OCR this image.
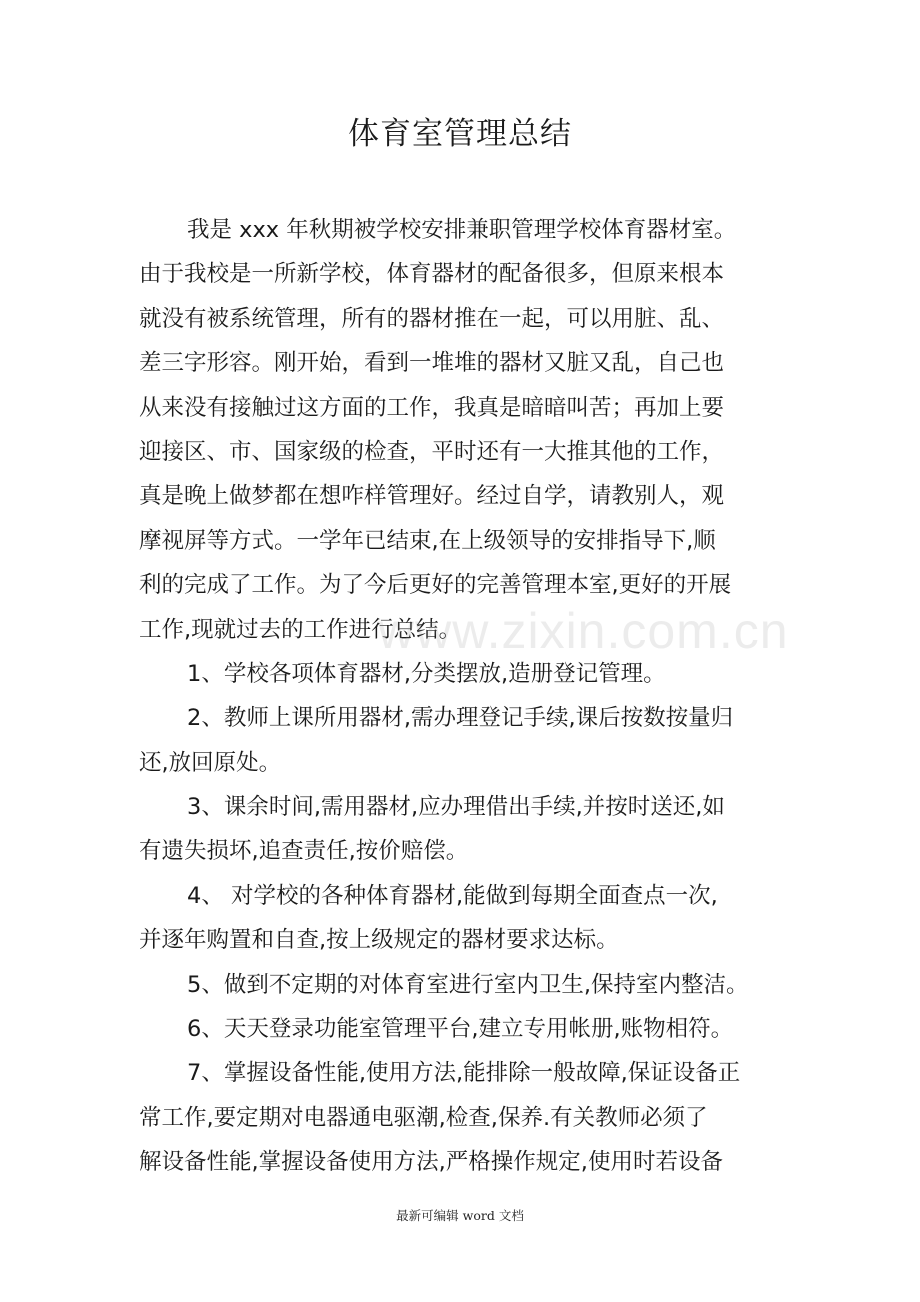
体育室管理总结
我是 xxx 年秋期被学校安排兼职管理学校体育器材室。
由于我校是一所新学校，体育器材的配备很多，但原来根本
就没有被系统管理，所有的器材推在一起，可以用脏、乱、
差三字形容。刚开始，看到一堆堆的器材又脏又乱，自己也
从来没有接触过这方面的工作，我真是暗暗叫苦；再加上要
迎接区、市、国家级的检查，平时还有一大推其他的工作，
真是晚上做梦都在想咋样管理好。经过自学，请教别人，观
摩视屏等方式。一学年已结束,在上级领导的安排指导下,顺
利的完成了工作。为了今后更好的完善管理本室,更好的开展
工作,现就过去的工作进行总结。
1、学校各项体育器材,分类摆放,造册登记管理。
2、教师上课所用器材,需办理登记手续,课后按数按量归
还,放回原处。
3、课余时间,需用器材,应办理借出手续,并按时送还,如
有遗失损坏,追查责任,按价赔偿。
4、 对学校的各种体育器材,能做到每期全面查点一次,
并逐年购置和自查,按上级规定的器材要求达标。
5、做到不定期的对体育室进行室内卫生,保持室内整洁。
6、天天登录功能室管理平台,建立专用帐册,账物相符。
7、掌握设备性能,使用方法,能排除一般故障,保证设备正
常工作,要定期对电器通电驱潮,检查,保养.有关教师必须了
解设备性能,掌握设备使用方法,严格操作规定,使用时若设备
www.zixin.com.cn
最新可编辑 word 文档
